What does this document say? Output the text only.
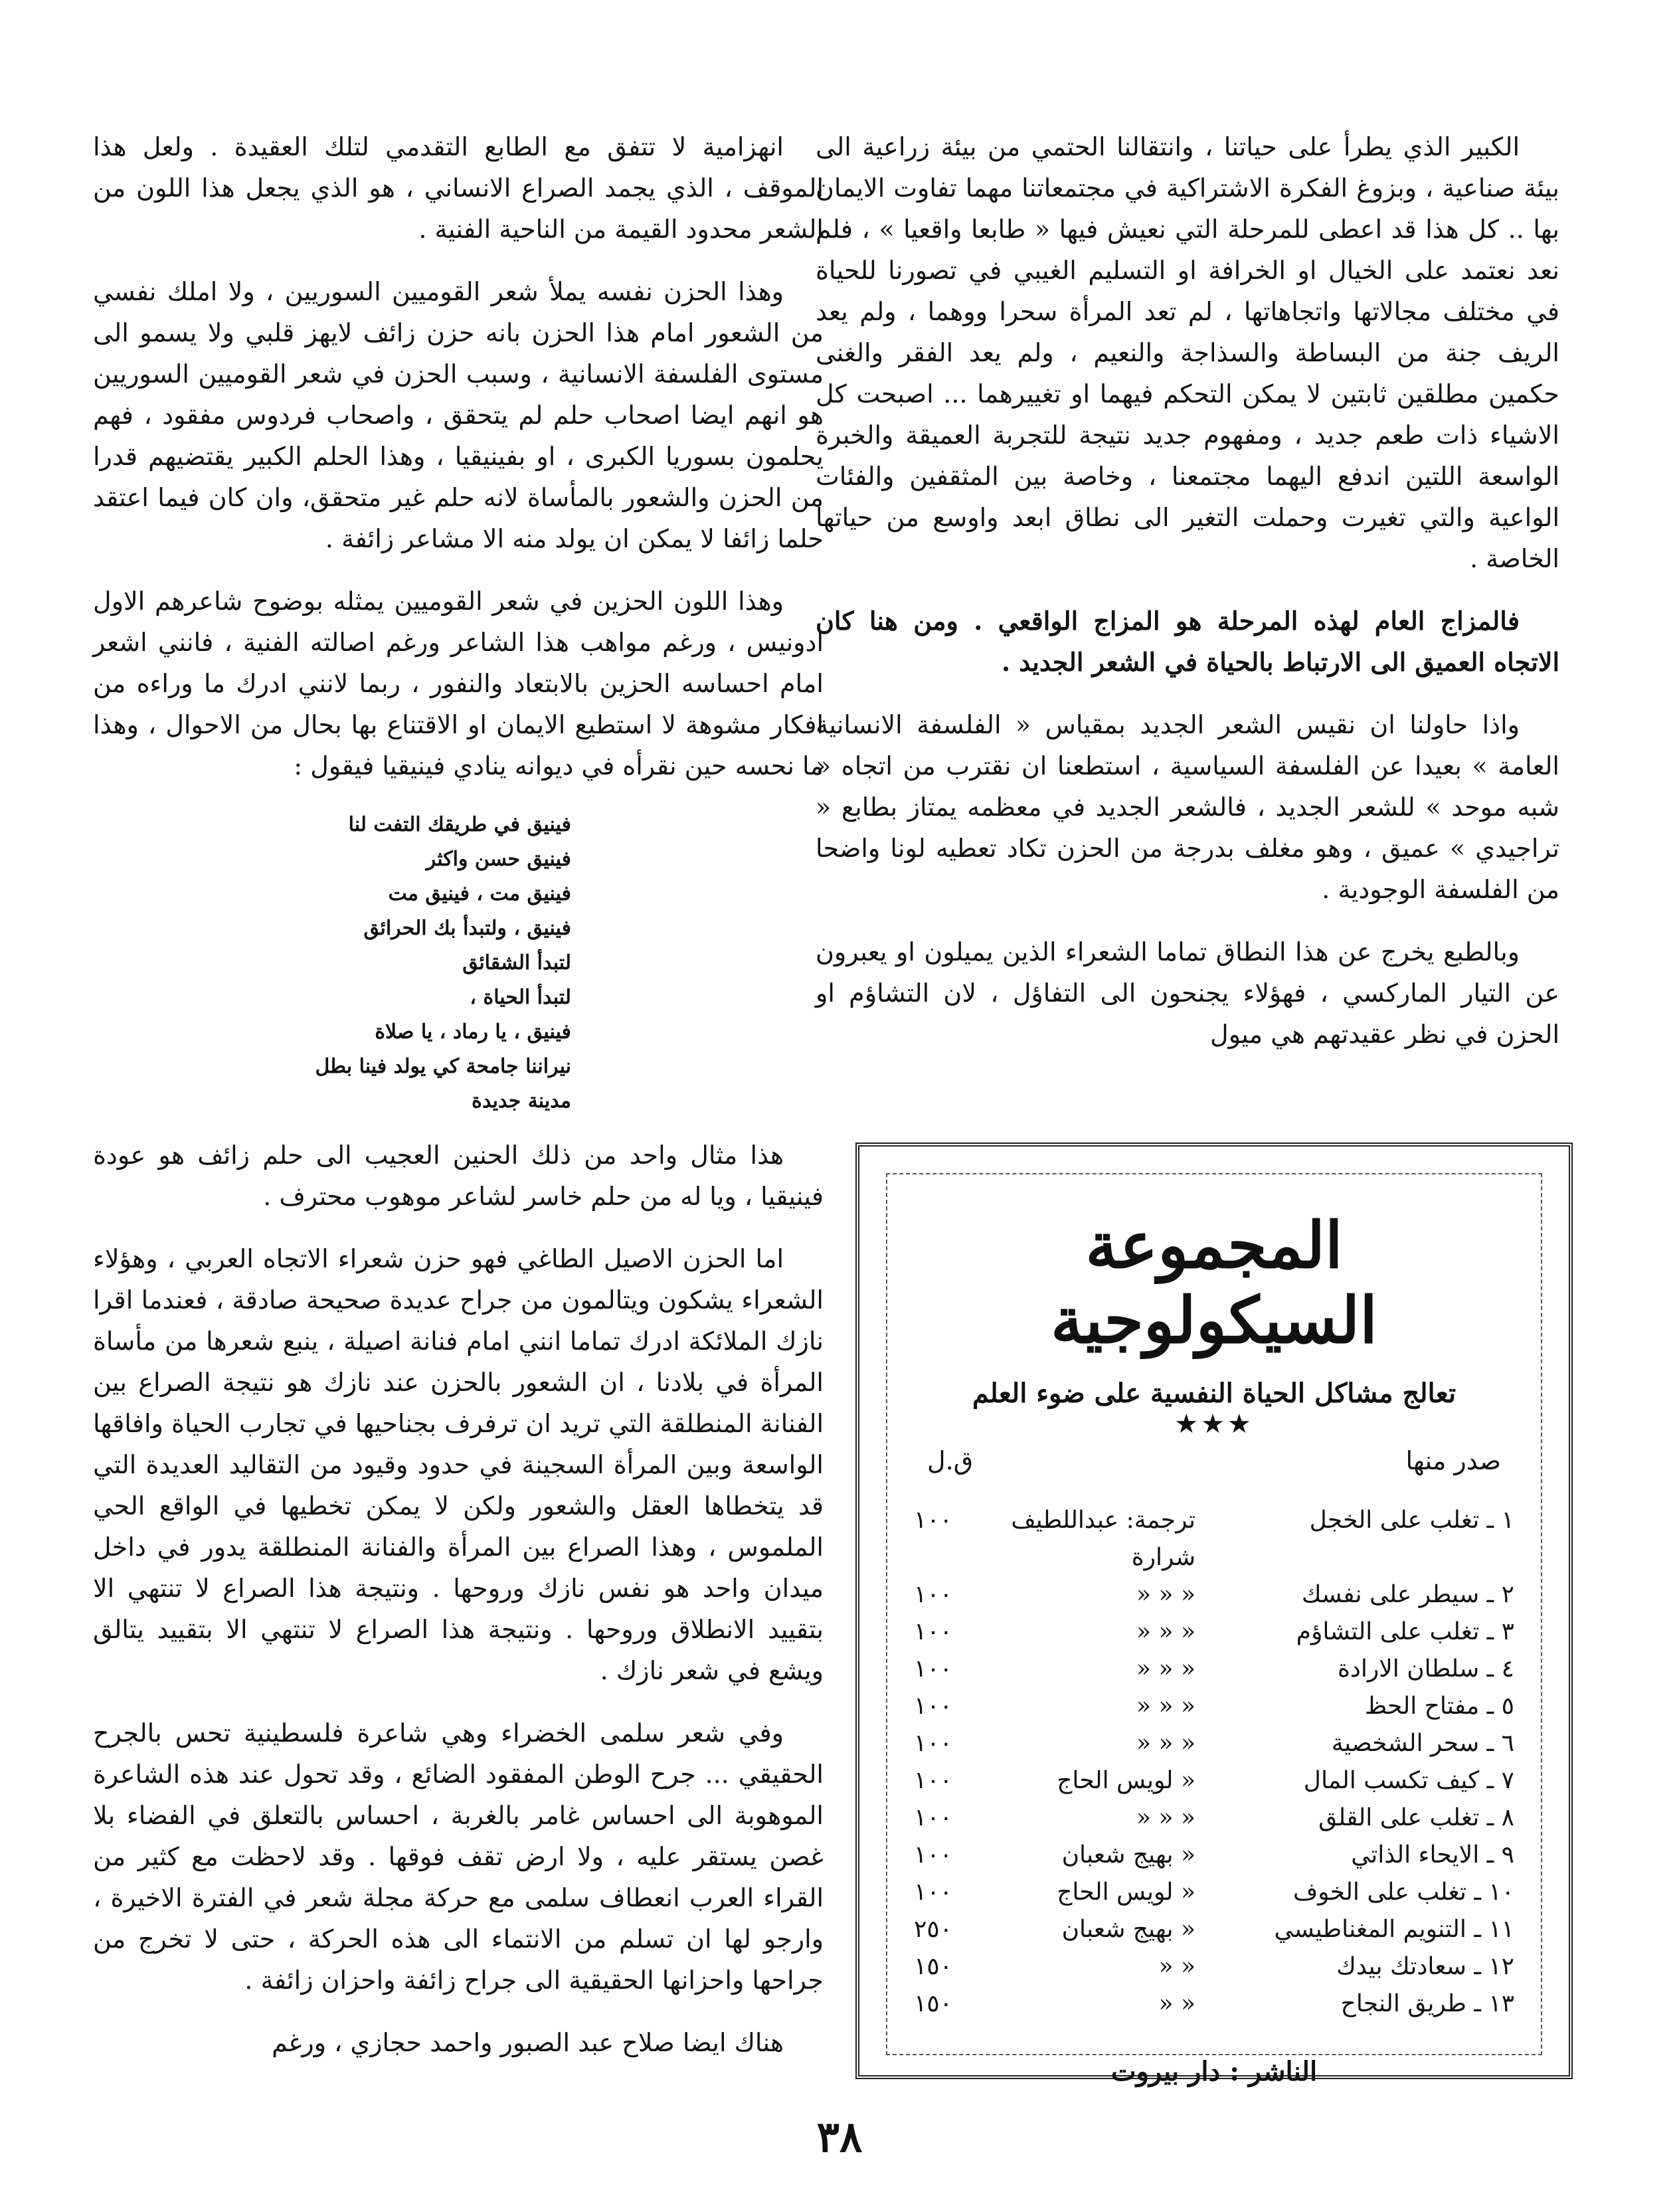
الكبير الذي يطرأ على حياتنا ، وانتقالنا الحتمي من بيئة زراعية الى بيئة صناعية ، وبزوغ الفكرة الاشتراكية في مجتمعاتنا مهما تفاوت الايمان بها .. كل هذا قد اعطى للمرحلة التي نعيش فيها « طابعا واقعيا » ، فلم نعد نعتمد على الخيال او الخرافة او التسليم الغيبي في تصورنا للحياة في مختلف مجالاتها واتجاهاتها ، لم تعد المرأة سحرا ووهما ، ولم يعد الريف جنة من البساطة والسذاجة والنعيم ، ولم يعد الفقر والغنى حكمين مطلقين ثابتين لا يمكن التحكم فيهما او تغييرهما ... اصبحت كل الاشياء ذات طعم جديد ، ومفهوم جديد نتيجة للتجربة العميقة والخبرة الواسعة اللتين اندفع اليهما مجتمعنا ، وخاصة بين المثقفين والفئات الواعية والتي تغيرت وحملت التغير الى نطاق ابعد واوسع من حياتها الخاصة .

فالمزاج العام لهذه المرحلة هو المزاج الواقعي . ومن هنا كان الاتجاه العميق الى الارتباط بالحياة في الشعر الجديد .

واذا حاولنا ان نقيس الشعر الجديد بمقياس « الفلسفة الانسانية العامة » بعيدا عن الفلسفة السياسية ، استطعنا ان نقترب من اتجاه « شبه موحد » للشعر الجديد ، فالشعر الجديد في معظمه يمتاز بطابع « تراجيدي » عميق ، وهو مغلف بدرجة من الحزن تكاد تعطيه لونا واضحا من الفلسفة الوجودية .

وبالطبع يخرج عن هذا النطاق تماما الشعراء الذين يميلون او يعبرون عن التيار الماركسي ، فهؤلاء يجنحون الى التفاؤل ، لان التشاؤم او الحزن في نظر عقيدتهم هي ميول

المجموعة السيكولوجية
تعالج مشاكل الحياة النفسية على ضوء العلم
★★★
صدر منها
ق.ل
١ ـ تغلب على الخجل
ترجمة: عبداللطيف شرارة
١٠٠
٢ ـ سيطر على نفسك
« « «
١٠٠
٣ ـ تغلب على التشاؤم
« « «
١٠٠
٤ ـ سلطان الارادة
« « «
١٠٠
٥ ـ مفتاح الحظ
« « «
١٠٠
٦ ـ سحر الشخصية
« « «
١٠٠
٧ ـ كيف تكسب المال
« لويس الحاج
١٠٠
٨ ـ تغلب على القلق
« « «
١٠٠
٩ ـ الايحاء الذاتي
« بهيج شعبان
١٠٠
١٠ ـ تغلب على الخوف
« لويس الحاج
١٠٠
١١ ـ التنويم المغناطيسي
« بهيج شعبان
٢٥٠
١٢ ـ سعادتك بيدك
« «
١٥٠
١٣ ـ طريق النجاح
« «
١٥٠
الناشر : دار بيروت

انهزامية لا تتفق مع الطابع التقدمي لتلك العقيدة . ولعل هذا الموقف ، الذي يجمد الصراع الانساني ، هو الذي يجعل هذا اللون من الشعر محدود القيمة من الناحية الفنية .

وهذا الحزن نفسه يملأ شعر القوميين السوريين ، ولا املك نفسي من الشعور امام هذا الحزن بانه حزن زائف لايهز قلبي ولا يسمو الى مستوى الفلسفة الانسانية ، وسبب الحزن في شعر القوميين السوريين هو انهم ايضا اصحاب حلم لم يتحقق ، واصحاب فردوس مفقود ، فهم يحلمون بسوريا الكبرى ، او بفينيقيا ، وهذا الحلم الكبير يقتضيهم قدرا من الحزن والشعور بالمأساة لانه حلم غير متحقق، وان كان فيما اعتقد حلما زائفا لا يمكن ان يولد منه الا مشاعر زائفة .

وهذا اللون الحزين في شعر القوميين يمثله بوضوح شاعرهم الاول ادونيس ، ورغم مواهب هذا الشاعر ورغم اصالته الفنية ، فانني اشعر امام احساسه الحزين بالابتعاد والنفور ، ربما لانني ادرك ما وراءه من افكار مشوهة لا استطيع الايمان او الاقتناع بها بحال من الاحوال ، وهذا ما نحسه حين نقرأه في ديوانه ينادي فينيقيا فيقول :

فينيق في طريقك التفت لنا

فينيق حسن واكثر

فينيق مت ، فينيق مت

فينيق ، ولتبدأ بك الحرائق

لتبدأ الشقائق

لتبدأ الحياة ،

فينيق ، يا رماد ، يا صلاة

نيراننا جامحة كي يولد فينا بطل

مدينة جديدة

هذا مثال واحد من ذلك الحنين العجيب الى حلم زائف هو عودة فينيقيا ، ويا له من حلم خاسر لشاعر موهوب محترف .

اما الحزن الاصيل الطاغي فهو حزن شعراء الاتجاه العربي ، وهؤلاء الشعراء يشكون ويتالمون من جراح عديدة صحيحة صادقة ، فعندما اقرا نازك الملائكة ادرك تماما انني امام فنانة اصيلة ، ينبع شعرها من مأساة المرأة في بلادنا ، ان الشعور بالحزن عند نازك هو نتيجة الصراع بين الفنانة المنطلقة التي تريد ان ترفرف بجناحيها في تجارب الحياة وافاقها الواسعة وبين المرأة السجينة في حدود وقيود من التقاليد العديدة التي قد يتخطاها العقل والشعور ولكن لا يمكن تخطيها في الواقع الحي الملموس ، وهذا الصراع بين المرأة والفنانة المنطلقة يدور في داخل ميدان واحد هو نفس نازك وروحها . ونتيجة هذا الصراع لا تنتهي الا بتقييد الانطلاق وروحها . ونتيجة هذا الصراع لا تنتهي الا بتقييد يتالق ويشع في شعر نازك .

وفي شعر سلمى الخضراء وهي شاعرة فلسطينية تحس بالجرح الحقيقي ... جرح الوطن المفقود الضائع ، وقد تحول عند هذه الشاعرة الموهوبة الى احساس غامر بالغربة ، احساس بالتعلق في الفضاء بلا غصن يستقر عليه ، ولا ارض تقف فوقها . وقد لاحظت مع كثير من القراء العرب انعطاف سلمى مع حركة مجلة شعر في الفترة الاخيرة ، وارجو لها ان تسلم من الانتماء الى هذه الحركة ، حتى لا تخرج من جراحها واحزانها الحقيقية الى جراح زائفة واحزان زائفة .

هناك ايضا صلاح عبد الصبور واحمد حجازي ، ورغم

٣٨
